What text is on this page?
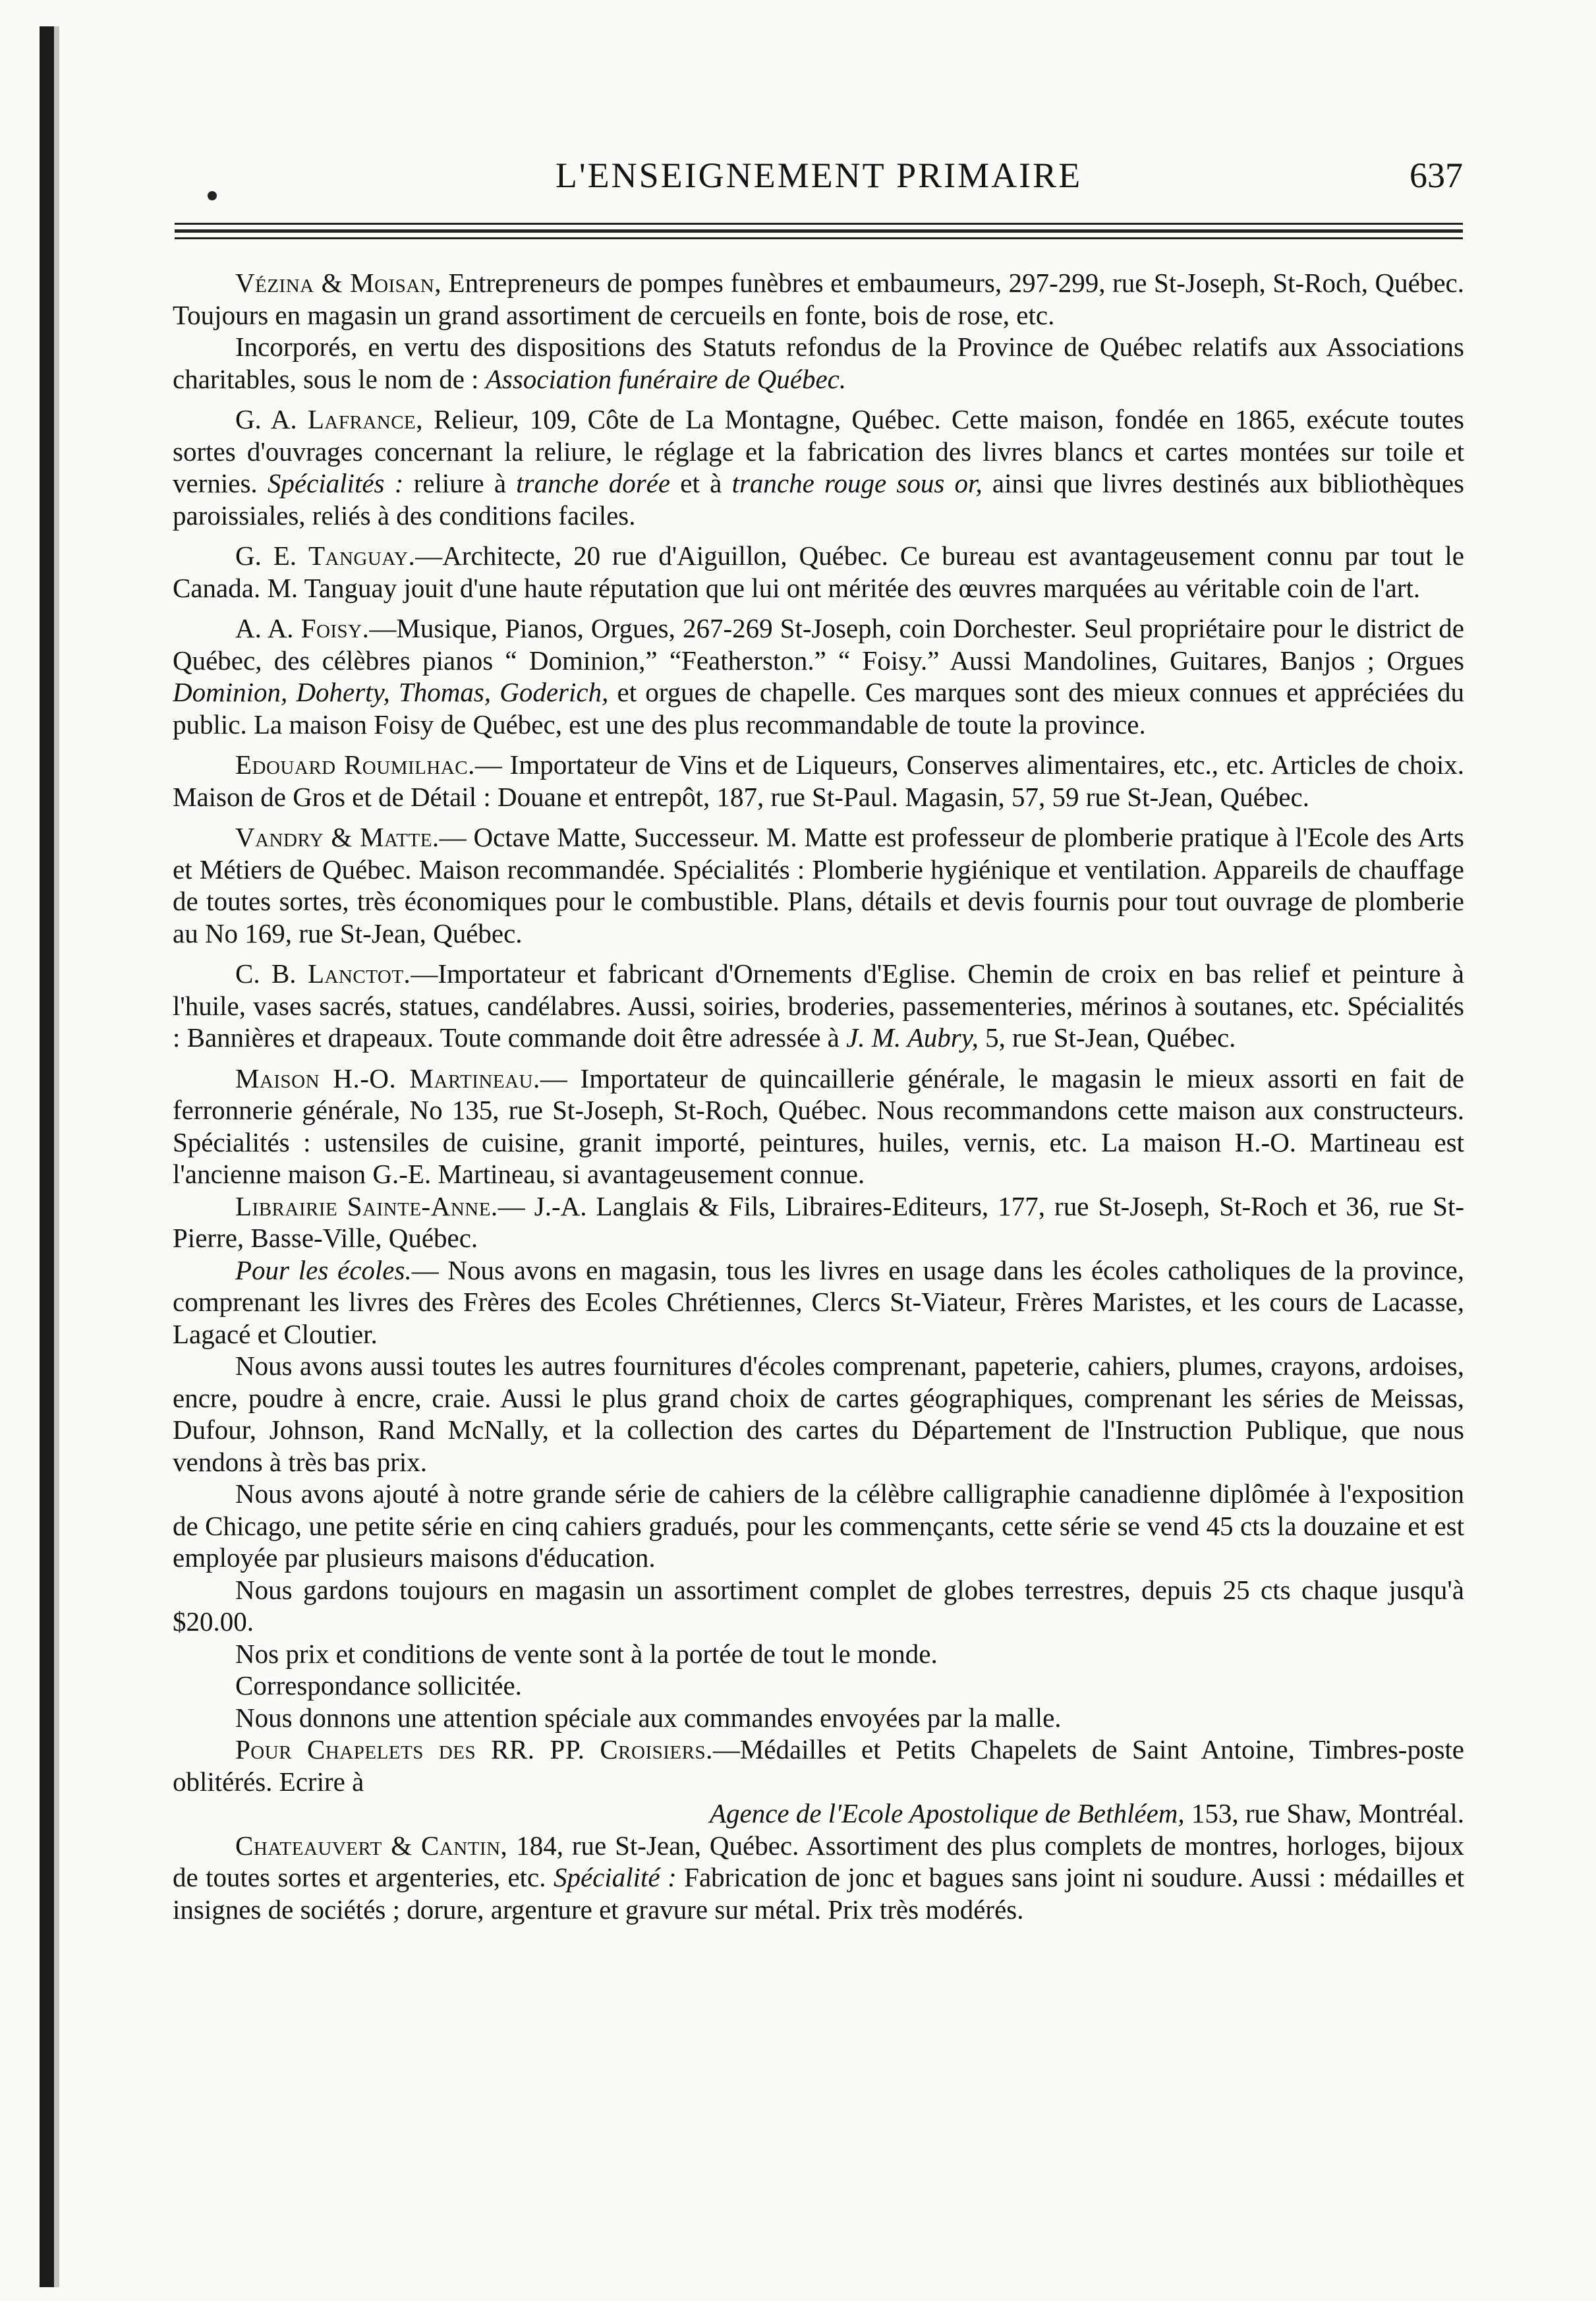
L'ENSEIGNEMENT PRIMAIRE	637

Vézina & Moisan, Entrepreneurs de pompes funèbres et embaumeurs, 297-299, rue St-Joseph, St-Roch, Québec. Toujours en magasin un grand assortiment de cercueils en fonte, bois de rose, etc.

Incorporés, en vertu des dispositions des Statuts refondus de la Province de Québec relatifs aux Associations charitables, sous le nom de : Association funéraire de Québec.

G. A. Lafrance, Relieur, 109, Côte de La Montagne, Québec. Cette maison, fondée en 1865, exécute toutes sortes d'ouvrages concernant la reliure, le réglage et la fabrication des livres blancs et cartes montées sur toile et vernies. Spécialités : reliure à tranche dorée et à tranche rouge sous or, ainsi que livres destinés aux bibliothèques paroissiales, reliés à des conditions faciles.

G. E. Tanguay.—Architecte, 20 rue d'Aiguillon, Québec. Ce bureau est avantageusement connu par tout le Canada. M. Tanguay jouit d'une haute réputation que lui ont méritée des œuvres marquées au véritable coin de l'art.

A. A. Foisy.—Musique, Pianos, Orgues, 267-269 St-Joseph, coin Dorchester. Seul propriétaire pour le district de Québec, des célèbres pianos “ Dominion,” “Featherston.” “ Foisy.” Aussi Mandolines, Guitares, Banjos ; Orgues Dominion, Doherty, Thomas, Goderich, et orgues de chapelle. Ces marques sont des mieux connues et appréciées du public. La maison Foisy de Québec, est une des plus recommandable de toute la province.

Edouard Roumilhac.— Importateur de Vins et de Liqueurs, Conserves alimentaires, etc., etc. Articles de choix. Maison de Gros et de Détail : Douane et entrepôt, 187, rue St-Paul. Magasin, 57, 59 rue St-Jean, Québec.

Vandry & Matte.— Octave Matte, Successeur. M. Matte est professeur de plomberie pratique à l'Ecole des Arts et Métiers de Québec. Maison recommandée. Spécialités : Plomberie hygiénique et ventilation. Appareils de chauffage de toutes sortes, très économiques pour le combustible. Plans, détails et devis fournis pour tout ouvrage de plomberie au No 169, rue St-Jean, Québec.

C. B. Lanctot.—Importateur et fabricant d'Ornements d'Eglise. Chemin de croix en bas relief et peinture à l'huile, vases sacrés, statues, candélabres. Aussi, soiries, broderies, passementeries, mérinos à soutanes, etc. Spécialités : Bannières et drapeaux. Toute commande doit être adressée à J. M. Aubry, 5, rue St-Jean, Québec.

Maison H.-O. Martineau.— Importateur de quincaillerie générale, le magasin le mieux assorti en fait de ferronnerie générale, No 135, rue St-Joseph, St-Roch, Québec. Nous recommandons cette maison aux constructeurs. Spécialités : ustensiles de cuisine, granit importé, peintures, huiles, vernis, etc. La maison H.-O. Martineau est l'ancienne maison G.-E. Martineau, si avantageusement connue.

Librairie Sainte-Anne.— J.-A. Langlais & Fils, Libraires-Editeurs, 177, rue St-Joseph, St-Roch et 36, rue St-Pierre, Basse-Ville, Québec.

Pour les écoles.— Nous avons en magasin, tous les livres en usage dans les écoles catholiques de la province, comprenant les livres des Frères des Ecoles Chrétiennes, Clercs St-Viateur, Frères Maristes, et les cours de Lacasse, Lagacé et Cloutier.

Nous avons aussi toutes les autres fournitures d'écoles comprenant, papeterie, cahiers, plumes, crayons, ardoises, encre, poudre à encre, craie. Aussi le plus grand choix de cartes géographiques, comprenant les séries de Meissas, Dufour, Johnson, Rand McNally, et la collection des cartes du Département de l'Instruction Publique, que nous vendons à très bas prix.

Nous avons ajouté à notre grande série de cahiers de la célèbre calligraphie canadienne diplômée à l'exposition de Chicago, une petite série en cinq cahiers gradués, pour les commençants, cette série se vend 45 cts la douzaine et est employée par plusieurs maisons d'éducation.

Nous gardons toujours en magasin un assortiment complet de globes terrestres, depuis 25 cts chaque jusqu'à $20.00.

Nos prix et conditions de vente sont à la portée de tout le monde.

Correspondance sollicitée.

Nous donnons une attention spéciale aux commandes envoyées par la malle.

Pour Chapelets des RR. PP. Croisiers.—Médailles et Petits Chapelets de Saint Antoine, Timbres-poste oblitérés. Ecrire à

Agence de l'Ecole Apostolique de Bethléem, 153, rue Shaw, Montréal.

Chateauvert & Cantin, 184, rue St-Jean, Québec. Assortiment des plus complets de montres, horloges, bijoux de toutes sortes et argenteries, etc. Spécialité : Fabrication de jonc et bagues sans joint ni soudure. Aussi : médailles et insignes de sociétés ; dorure, argenture et gravure sur métal. Prix très modérés.
